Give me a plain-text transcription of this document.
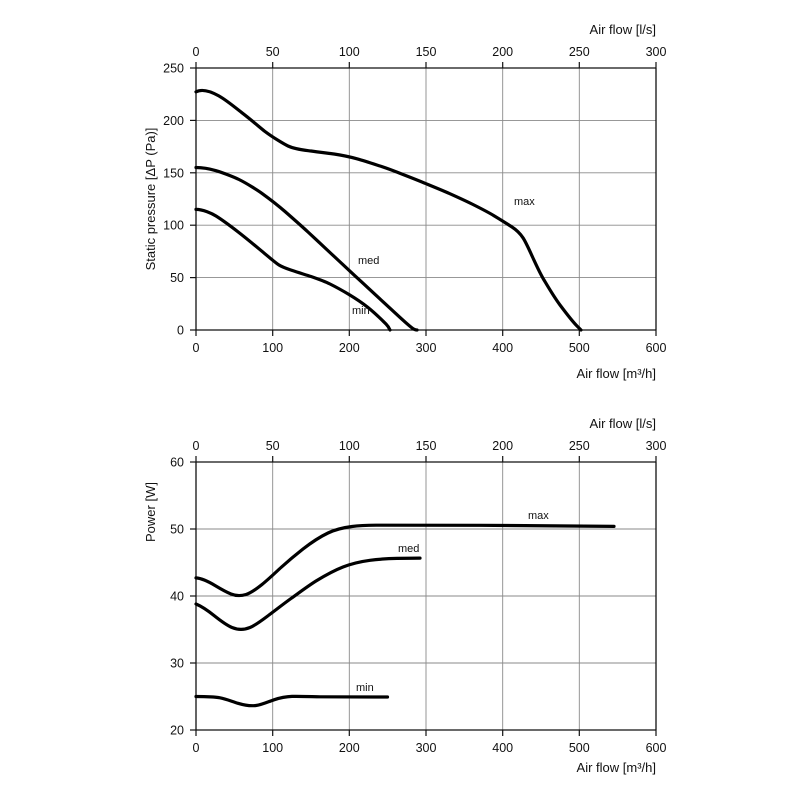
Air flow [l/s]
0	50	100	150	200	250	300
250
200
150
100
50
0
0	100	200	300	400	500	600
Air flow [m³/h]
Static pressure [ΔP (Pa)]	max
med
min
Air flow [l/s]
0	50	100	150	200	250	300
60
50
40
30
20
0	100	200	300	400	500	600
Air flow [m³/h]
Power [W]	max
med
min
